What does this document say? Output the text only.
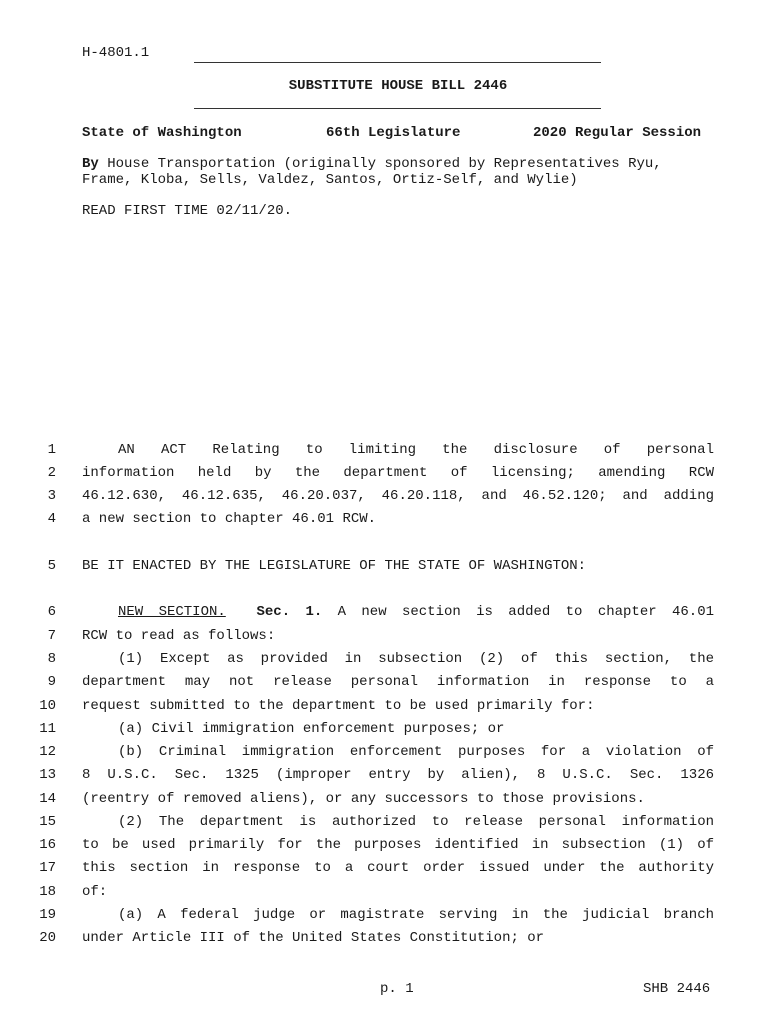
H-4801.1
SUBSTITUTE HOUSE BILL 2446
State of Washington	66th Legislature	2020 Regular Session
By House Transportation (originally sponsored by Representatives Ryu,
Frame, Kloba, Sells, Valdez, Santos, Ortiz-Self, and Wylie)
READ FIRST TIME 02/11/20.
1	AN ACT Relating to limiting the disclosure of personal
2 information held by the department of licensing; amending RCW
3 46.12.630, 46.12.635, 46.20.037, 46.20.118, and 46.52.120; and adding
4 a new section to chapter 46.01 RCW.
5 BE IT ENACTED BY THE LEGISLATURE OF THE STATE OF WASHINGTON:
6	NEW SECTION. Sec. 1. A new section is added to chapter 46.01
7 RCW to read as follows:
8	(1) Except as provided in subsection (2) of this section, the
9 department may not release personal information in response to a
10 request submitted to the department to be used primarily for:
11	(a) Civil immigration enforcement purposes; or
12	(b) Criminal immigration enforcement purposes for a violation of
13 8 U.S.C. Sec. 1325 (improper entry by alien), 8 U.S.C. Sec. 1326
14 (reentry of removed aliens), or any successors to those provisions.
15	(2) The department is authorized to release personal information
16 to be used primarily for the purposes identified in subsection (1) of
17 this section in response to a court order issued under the authority
18 of:
19	(a) A federal judge or magistrate serving in the judicial branch
20 under Article III of the United States Constitution; or
p. 1	SHB 2446
